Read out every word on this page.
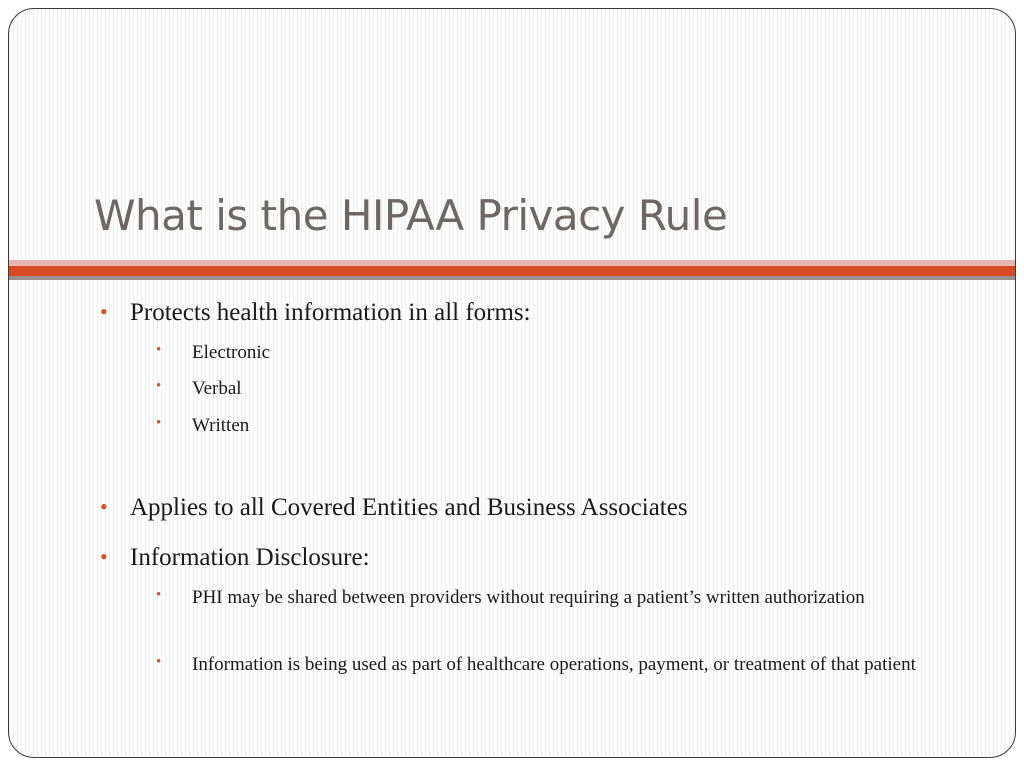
What is the HIPAA Privacy Rule

• Protects health information in all forms:

• Electronic

• Verbal

• Written

• Applies to all Covered Entities and Business Associates

• Information Disclosure:

• PHI may be shared between providers without requiring a patient’s written authorization

• Information is being used as part of healthcare operations, payment, or treatment of that patient
